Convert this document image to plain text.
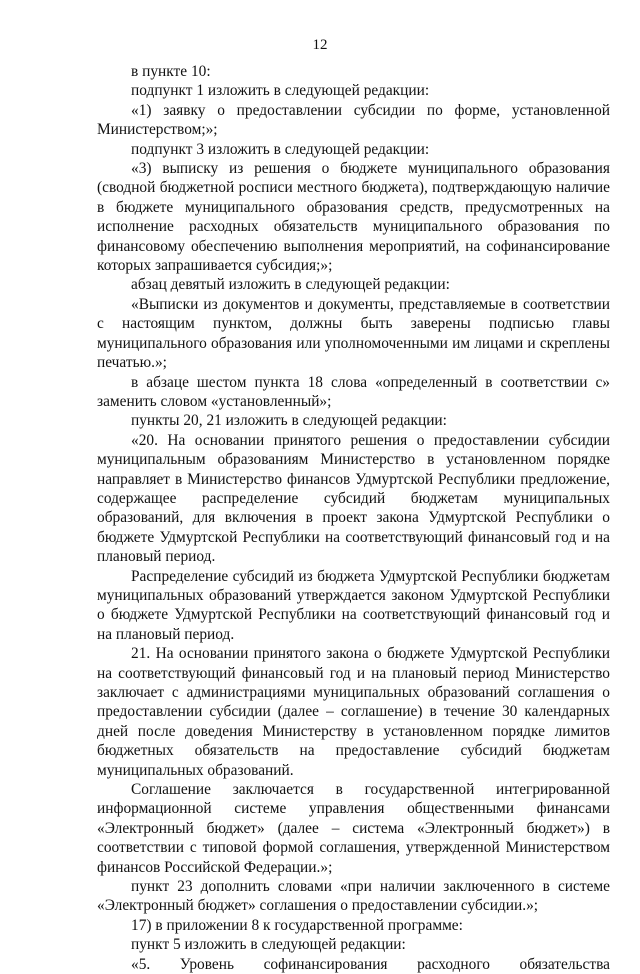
12

в пункте 10:

подпункт 1 изложить в следующей редакции:

«1) заявку о предоставлении субсидии по форме, установленной Министерством;»;

подпункт 3 изложить в следующей редакции:

«3) выписку из решения о бюджете муниципального образования (сводной бюджетной росписи местного бюджета), подтверждающую наличие в бюджете муниципального образования средств, предусмотренных на исполнение расходных обязательств муниципального образования по финансовому обеспечению выполнения мероприятий, на софинансирование которых запрашивается субсидия;»;

абзац девятый изложить в следующей редакции:

«Выписки из документов и документы, представляемые в соответствии с настоящим пунктом, должны быть заверены подписью главы муниципального образования или уполномоченными им лицами и скреплены печатью.»;

в абзаце шестом пункта 18 слова «определенный в соответствии с» заменить словом «установленный»;

пункты 20, 21 изложить в следующей редакции:

«20. На основании принятого решения о предоставлении субсидии муниципальным образованиям Министерство в установленном порядке направляет в Министерство финансов Удмуртской Республики предложение, содержащее распределение субсидий бюджетам муниципальных образований, для включения в проект закона Удмуртской Республики о бюджете Удмуртской Республики на соответствующий финансовый год и на плановый период.

Распределение субсидий из бюджета Удмуртской Республики бюджетам муниципальных образований утверждается законом Удмуртской Республики о бюджете Удмуртской Республики на соответствующий финансовый год и на плановый период.

21. На основании принятого закона о бюджете Удмуртской Республики на соответствующий финансовый год и на плановый период Министерство заключает с администрациями муниципальных образований соглашения о предоставлении субсидии (далее – соглашение) в течение 30 календарных дней после доведения Министерству в установленном порядке лимитов бюджетных обязательств на предоставление субсидий бюджетам муниципальных образований.

Соглашение заключается в государственной интегрированной информационной системе управления общественными финансами «Электронный бюджет» (далее – система «Электронный бюджет») в соответствии с типовой формой соглашения, утвержденной Министерством финансов Российской Федерации.»;

пункт 23 дополнить словами «при наличии заключенного в системе «Электронный бюджет» соглашения о предоставлении субсидии.»;

17) в приложении 8 к государственной программе:

пункт 5 изложить в следующей редакции:

«5. Уровень софинансирования расходного обязательства
